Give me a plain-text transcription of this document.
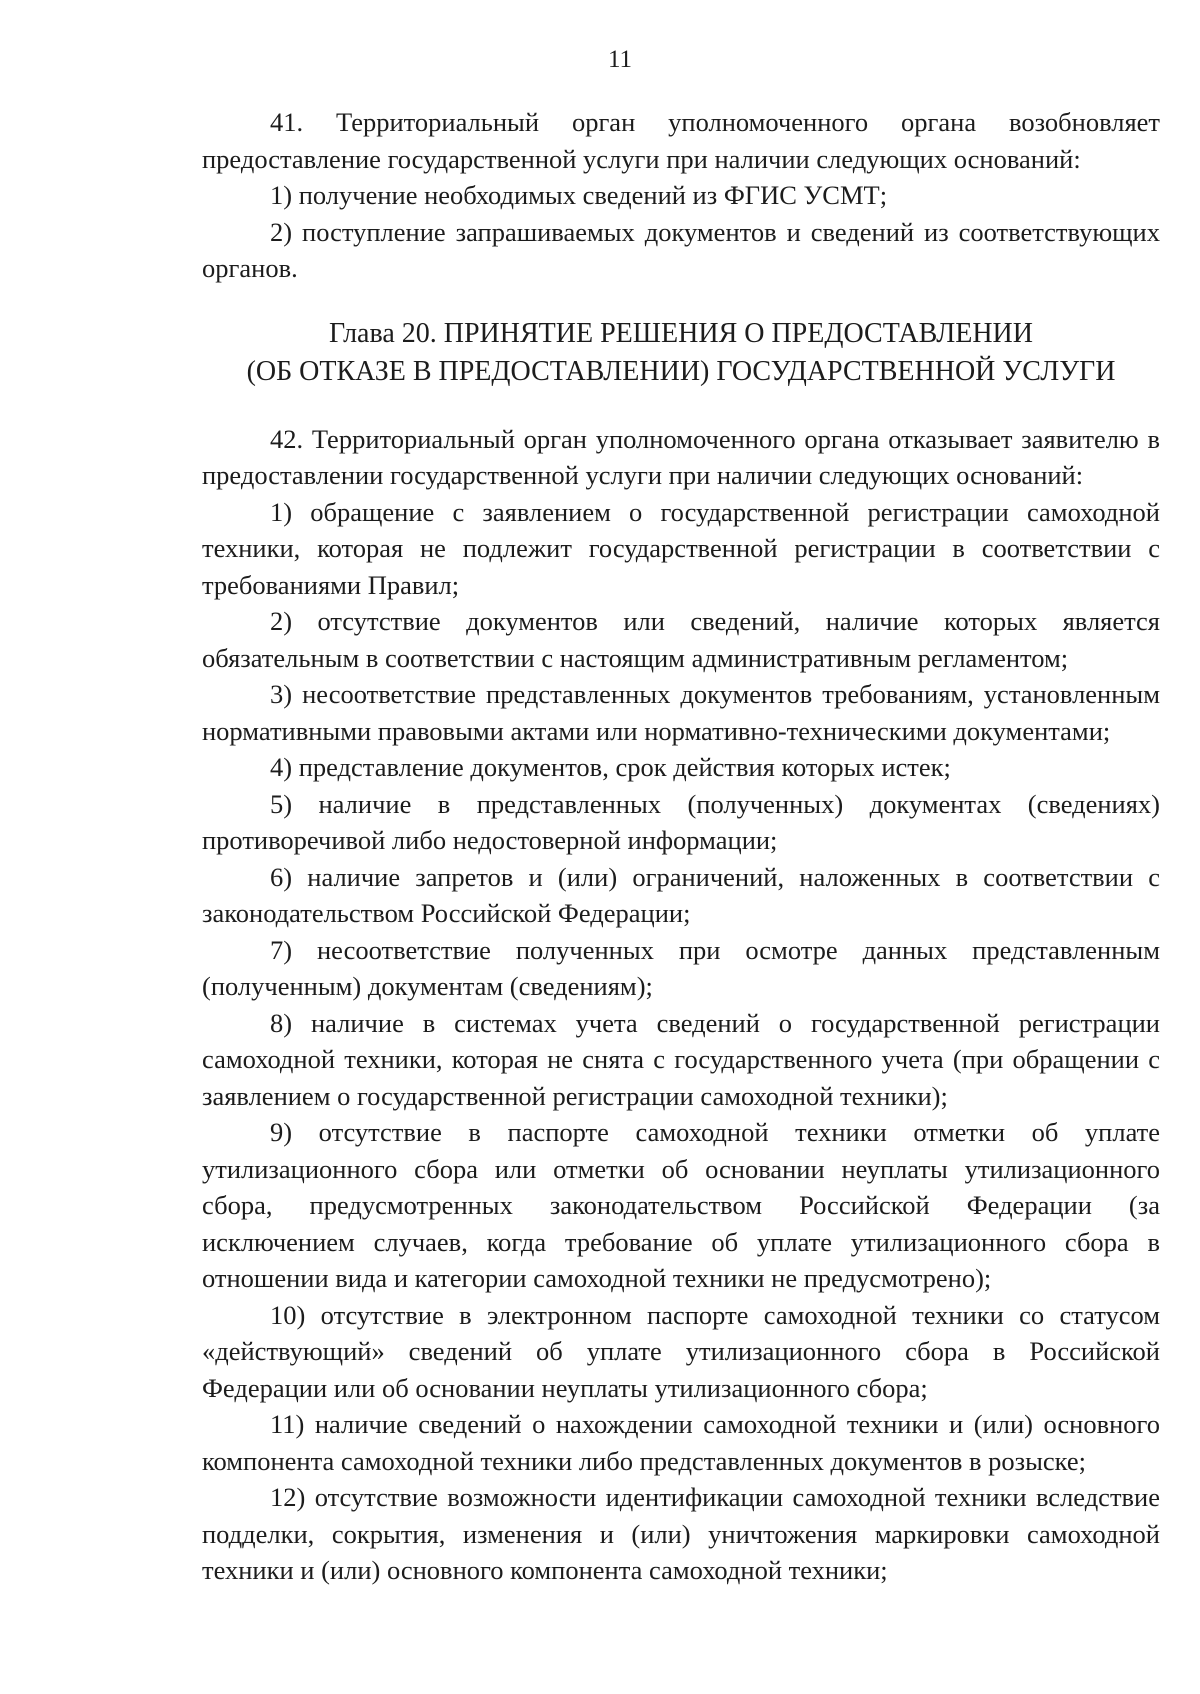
11

41. Территориальный орган уполномоченного органа возобновляет предоставление государственной услуги при наличии следующих оснований:

1) получение необходимых сведений из ФГИС УСМТ;

2) поступление запрашиваемых документов и сведений из соответствующих органов.

Глава 20. ПРИНЯТИЕ РЕШЕНИЯ О ПРЕДОСТАВЛЕНИИ
(ОБ ОТКАЗЕ В ПРЕДОСТАВЛЕНИИ) ГОСУДАРСТВЕННОЙ УСЛУГИ

42. Территориальный орган уполномоченного органа отказывает заявителю в предоставлении государственной услуги при наличии следующих оснований:

1) обращение с заявлением о государственной регистрации самоходной техники, которая не подлежит государственной регистрации в соответствии с требованиями Правил;

2) отсутствие документов или сведений, наличие которых является обязательным в соответствии с настоящим административным регламентом;

3) несоответствие представленных документов требованиям, установленным нормативными правовыми актами или нормативно-техническими документами;

4) представление документов, срок действия которых истек;

5) наличие в представленных (полученных) документах (сведениях) противоречивой либо недостоверной информации;

6) наличие запретов и (или) ограничений, наложенных в соответствии с законодательством Российской Федерации;

7) несоответствие полученных при осмотре данных представленным (полученным) документам (сведениям);

8) наличие в системах учета сведений о государственной регистрации самоходной техники, которая не снята с государственного учета (при обращении с заявлением о государственной регистрации самоходной техники);

9) отсутствие в паспорте самоходной техники отметки об уплате утилизационного сбора или отметки об основании неуплаты утилизационного сбора, предусмотренных законодательством Российской Федерации (за исключением случаев, когда требование об уплате утилизационного сбора в отношении вида и категории самоходной техники не предусмотрено);

10) отсутствие в электронном паспорте самоходной техники со статусом «действующий» сведений об уплате утилизационного сбора в Российской Федерации или об основании неуплаты утилизационного сбора;

11) наличие сведений о нахождении самоходной техники и (или) основного компонента самоходной техники либо представленных документов в розыске;

12) отсутствие возможности идентификации самоходной техники вследствие подделки, сокрытия, изменения и (или) уничтожения маркировки самоходной техники и (или) основного компонента самоходной техники;
